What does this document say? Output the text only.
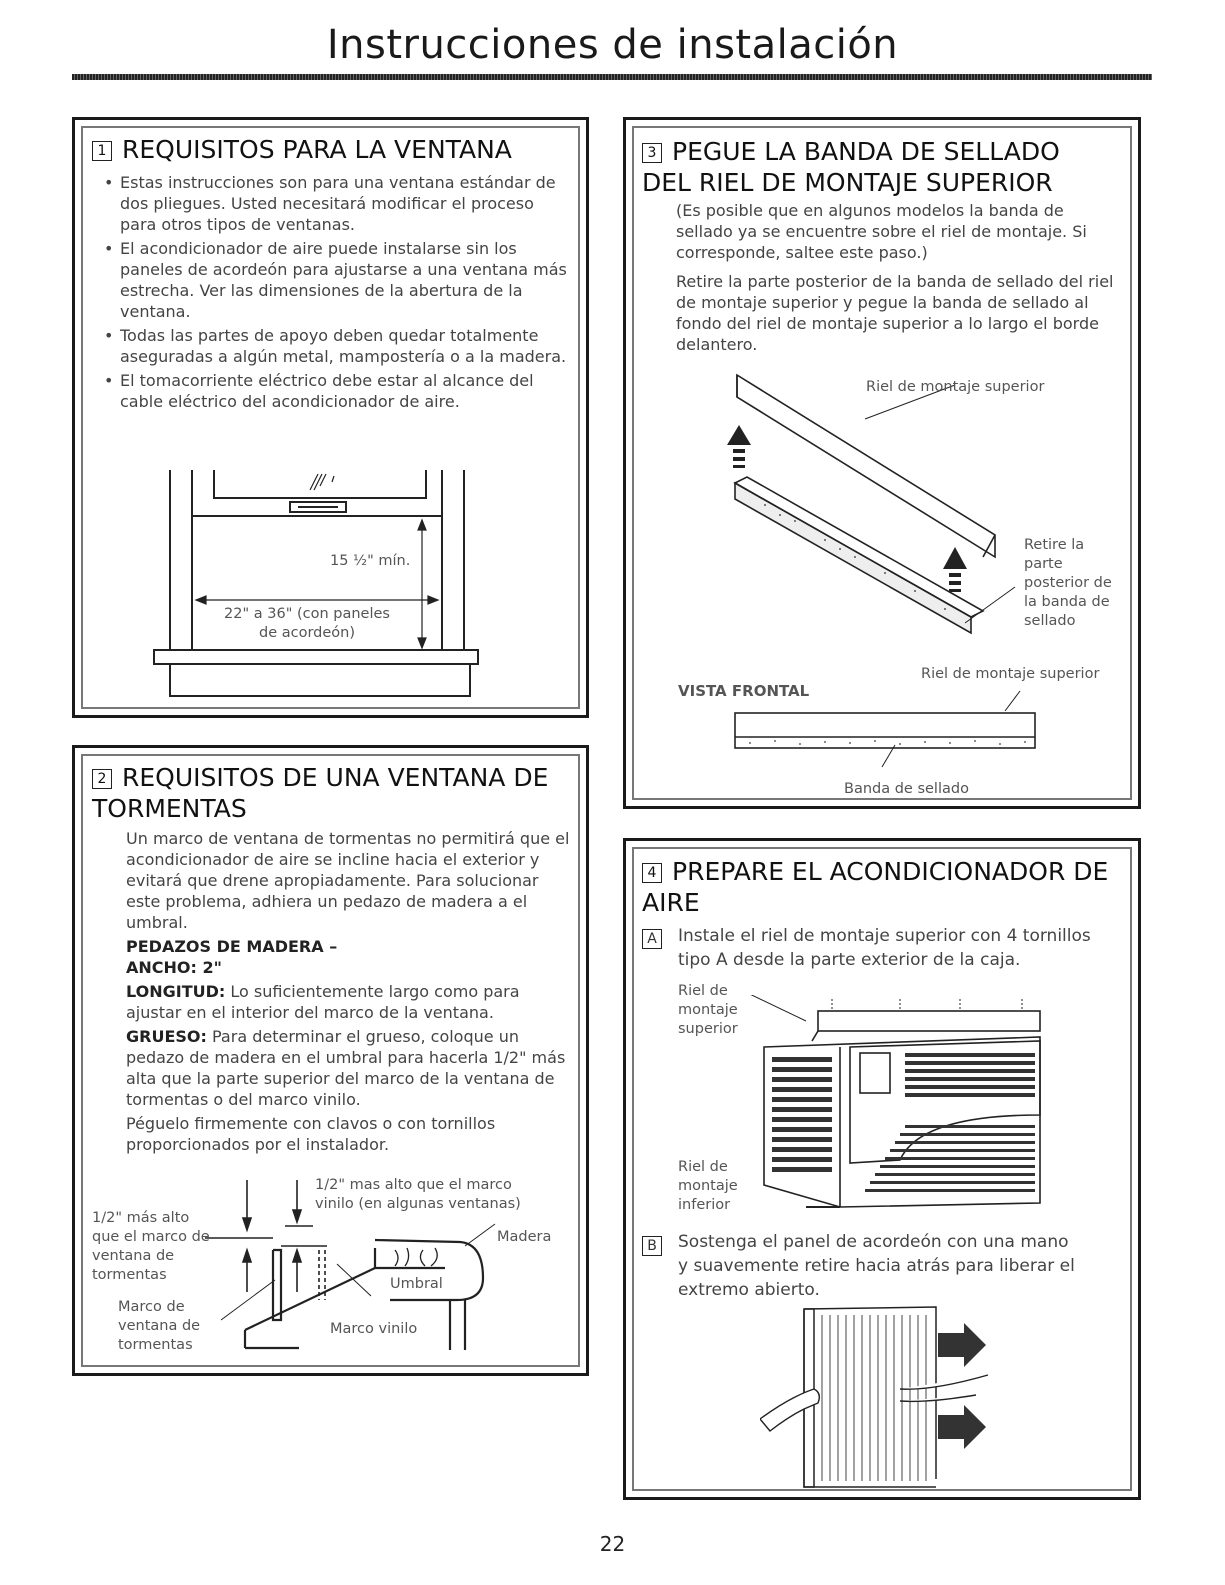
Instrucciones de instalación
1 REQUISITOS PARA LA VENTANA
• Estas instrucciones son para una ventana estándar de dos pliegues. Usted necesitará modificar el proceso para otros tipos de ventanas.
• El acondicionador de aire puede instalarse sin los paneles de acordeón para ajustarse a una ventana más estrecha. Ver las dimensiones de la abertura de la ventana.
• Todas las partes de apoyo deben quedar totalmente aseguradas a algún metal, mampostería o a la madera.
• El tomacorriente eléctrico debe estar al alcance del cable eléctrico del acondicionador de aire.
15 ½" mín.
22" a 36" (con paneles de acordeón)
2 REQUISITOS DE UNA VENTANA DE TORMENTAS

Un marco de ventana de tormentas no permitirá que el acondicionador de aire se incline hacia el exterior y evitará que drene apropiadamente. Para solucionar este problema, adhiera un pedazo de madera a el umbral.

PEDAZOS DE MADERA –
ANCHO: 2"

LONGITUD: Lo suficientemente largo como para ajustar en el interior del marco de la ventana.

GRUESO: Para determinar el grueso, coloque un pedazo de madera en el umbral para hacerla 1/2" más alta que la parte superior del marco de la ventana de tormentas o del marco vinilo.

Péguelo firmemente con clavos o con tornillos proporcionados por el instalador.

1/2" mas alto que el marco vinilo (en algunas ventanas)
1/2" más alto que el marco de ventana de tormentas
Madera
Umbral
Marco de ventana de tormentas
Marco vinilo
3 PEGUE LA BANDA DE SELLADO DEL RIEL DE MONTAJE SUPERIOR

(Es posible que en algunos modelos la banda de sellado ya se encuentre sobre el riel de montaje. Si corresponde, saltee este paso.)

Retire la parte posterior de la banda de sellado del riel de montaje superior y pegue la banda de sellado al fondo del riel de montaje superior a lo largo el borde delantero.

Riel de montaje superior
Retire la parte posterior de la banda de sellado
VISTA FRONTAL
Riel de montaje superior
Banda de sellado
4 PREPARE EL ACONDICIONADOR DE AIRE
A	Instale el riel de montaje superior con 4 tornillos tipo A desde la parte exterior de la caja.
Riel de montaje superior
Riel de montaje inferior
B	Sostenga el panel de acordeón con una mano y suavemente retire hacia atrás para liberar el extremo abierto.
22
